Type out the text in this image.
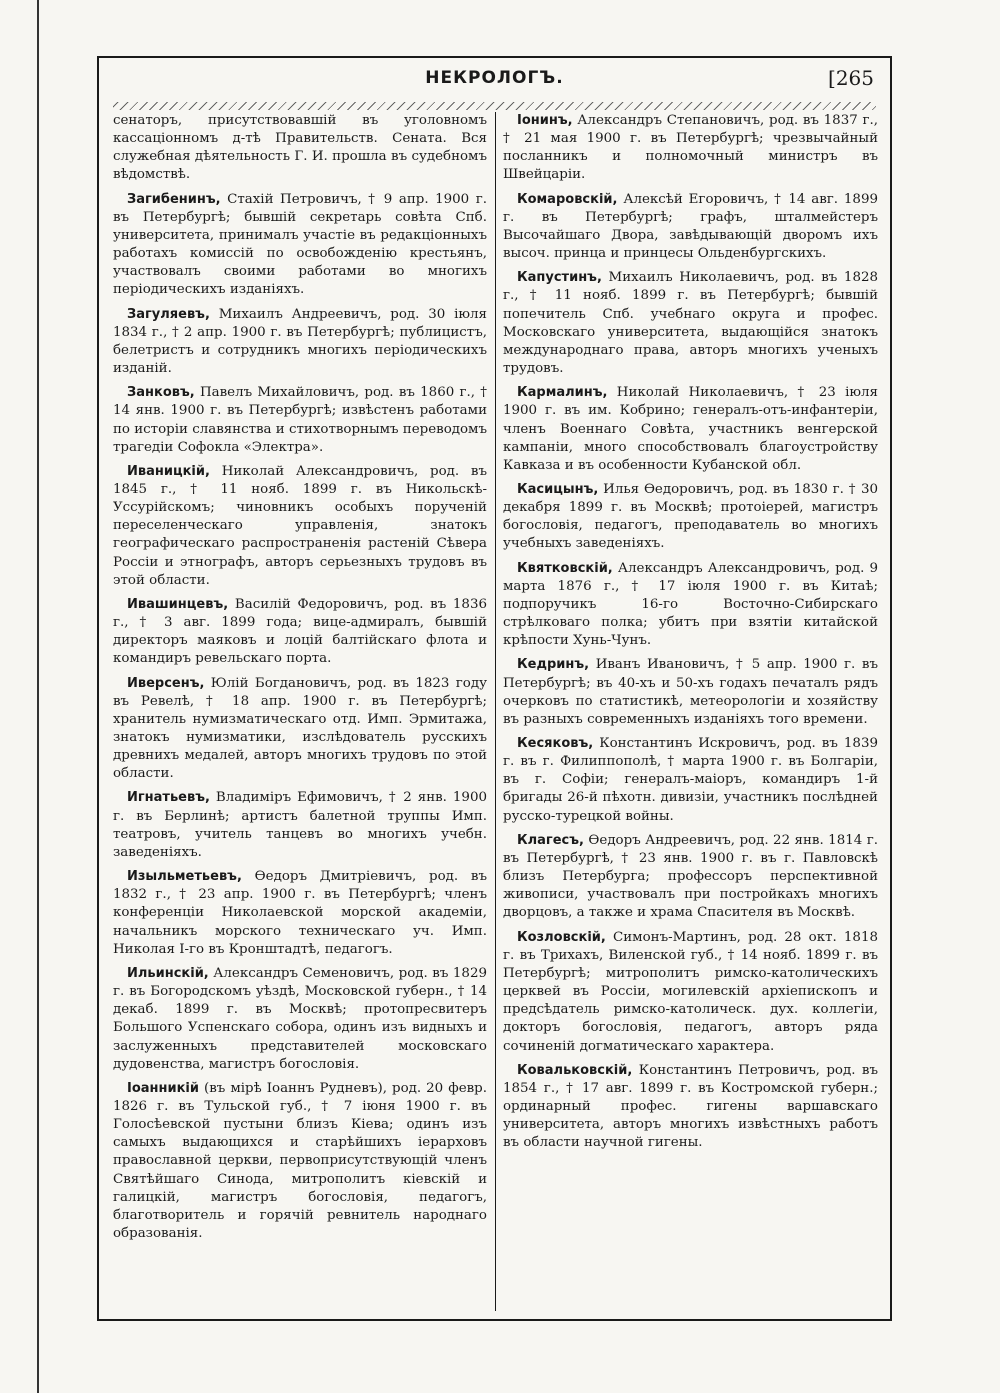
НЕКРОЛОГЪ.	[265

сенаторъ, присутствовавшій въ уголовномъ кассаціонномъ д-тѣ Правительств. Сената. Вся служебная дѣятельность Г. И. прошла въ судебномъ вѣдомствѣ.

Загибенинъ, Стахій Петровичъ, † 9 апр. 1900 г. въ Петербургѣ; бывшій секретарь совѣта Спб. университета, принималъ участіе въ редакціонныхъ работахъ комиссій по освобожденію крестьянъ, участвовалъ своими работами во многихъ періодическихъ изданіяхъ.

Загуляевъ, Михаилъ Андреевичъ, род. 30 іюля 1834 г., † 2 апр. 1900 г. въ Петербургѣ; публицистъ, белетристъ и сотрудникъ многихъ періодическихъ изданій.

Занковъ, Павелъ Михайловичъ, род. въ 1860 г., † 14 янв. 1900 г. въ Петербургѣ; извѣстенъ работами по исторіи славянства и стихотворнымъ переводомъ трагедіи Софокла «Электра».

Иваницкій, Николай Александровичъ, род. въ 1845 г., † 11 нояб. 1899 г. въ Никольскѣ-Уссурійскомъ; чиновникъ особыхъ порученій переселенческаго управленія, знатокъ географическаго распространенія растеній Сѣвера Россіи и этнографъ, авторъ серьезныхъ трудовъ въ этой области.

Ивашинцевъ, Василій Федоровичъ, род. въ 1836 г., † 3 авг. 1899 года; вице-адмиралъ, бывшій директоръ маяковъ и лоцій балтійскаго флота и командиръ ревельскаго порта.

Иверсенъ, Юлій Богдановичъ, род. въ 1823 году въ Ревелѣ, † 18 апр. 1900 г. въ Петербургѣ; хранитель нумизматическаго отд. Имп. Эрмитажа, знатокъ нумизматики, изслѣдователь русскихъ древнихъ медалей, авторъ многихъ трудовъ по этой области.

Игнатьевъ, Владиміръ Ефимовичъ, † 2 янв. 1900 г. въ Берлинѣ; артистъ балетной труппы Имп. театровъ, учитель танцевъ во многихъ учебн. заведеніяхъ.

Изыльметьевъ, Өедоръ Дмитріевичъ, род. въ 1832 г., † 23 апр. 1900 г. въ Петербургѣ; членъ конференціи Николаевской морской академіи, начальникъ морского техническаго уч. Имп. Николая I-го въ Кронштадтѣ, педагогъ.

Ильинскій, Александръ Семеновичъ, род. въ 1829 г. въ Богородскомъ уѣздѣ, Московской губерн., † 14 декаб. 1899 г. въ Москвѣ; протопресвитеръ Большого Успенскаго собора, одинъ изъ видныхъ и заслуженныхъ представителей московскаго дудовенства, магистръ богословія.

Іоанникій (въ мірѣ Іоаннъ Рудневъ), род. 20 февр. 1826 г. въ Тульской губ., † 7 іюня 1900 г. въ Голосѣевской пустыни близъ Кіева; одинъ изъ самыхъ выдающихся и старѣйшихъ іерарховъ православной церкви, первоприсутствующій членъ Святѣйшаго Синода, митрополитъ кіевскій и галицкій, магистръ богословія, педагогъ, благотворитель и горячій ревнитель народнаго образованія.

Іонинъ, Александръ Степановичъ, род. въ 1837 г., † 21 мая 1900 г. въ Петербургѣ; чрезвычайный посланникъ и полномочный министръ въ Швейцаріи.

Комаровскій, Алексѣй Егоровичъ, † 14 авг. 1899 г. въ Петербургѣ; графъ, шталмейстеръ Высочайшаго Двора, завѣдывающій дворомъ ихъ высоч. принца и принцесы Ольденбургскихъ.

Капустинъ, Михаилъ Николаевичъ, род. въ 1828 г., † 11 нояб. 1899 г. въ Петербургѣ; бывшій попечитель Спб. учебнаго округа и профес. Московскаго университета, выдающійся знатокъ международнаго права, авторъ многихъ ученыхъ трудовъ.

Кармалинъ, Николай Николаевичъ, † 23 іюля 1900 г. въ им. Кобрино; генералъ-отъ-инфантеріи, членъ Военнаго Совѣта, участникъ венгерской кампаніи, много способствовалъ благоустройству Кавказа и въ особенности Кубанской обл.

Касицынъ, Илья Өедоровичъ, род. въ 1830 г. † 30 декабря 1899 г. въ Москвѣ; протоіерей, магистръ богословія, педагогъ, преподаватель во многихъ учебныхъ заведеніяхъ.

Квятковскій, Александръ Александровичъ, род. 9 марта 1876 г., † 17 іюля 1900 г. въ Китаѣ; подпоручикъ 16-го Восточно-Сибирскаго стрѣлковаго полка; убитъ при взятіи китайской крѣпости Хунь-Чунъ.

Кедринъ, Иванъ Ивановичъ, † 5 апр. 1900 г. въ Петербургѣ; въ 40-хъ и 50-хъ годахъ печаталъ рядъ очерковъ по статистикѣ, метеорологіи и хозяйству въ разныхъ современныхъ изданіяхъ того времени.

Кесяковъ, Константинъ Искровичъ, род. въ 1839 г. въ г. Филиппополѣ, † марта 1900 г. въ Болгаріи, въ г. Софіи; генералъ-маіоръ, командиръ 1-й бригады 26-й пѣхотн. дивизіи, участникъ послѣдней русско-турецкой войны.

Клагесъ, Өедоръ Андреевичъ, род. 22 янв. 1814 г. въ Петербургѣ, † 23 янв. 1900 г. въ г. Павловскѣ близъ Петербурга; профессоръ перспективной живописи, участвовалъ при постройкахъ многихъ дворцовъ, а также и храма Спасителя въ Москвѣ.

Козловскій, Симонъ-Мартинъ, род. 28 окт. 1818 г. въ Трихахъ, Виленской губ., † 14 нояб. 1899 г. въ Петербургѣ; митрополитъ римско-католическихъ церквей въ Россіи, могилевскій архіепископъ и предсѣдатель римско-католическ. дух. коллегіи, докторъ богословія, педагогъ, авторъ ряда сочиненій догматическаго характера.

Ковальковскій, Константинъ Петровичъ, род. въ 1854 г., † 17 авг. 1899 г. въ Костромской губерн.; ординарный профес. гигены варшавскаго университета, авторъ многихъ извѣстныхъ работъ въ области научной гигены.
